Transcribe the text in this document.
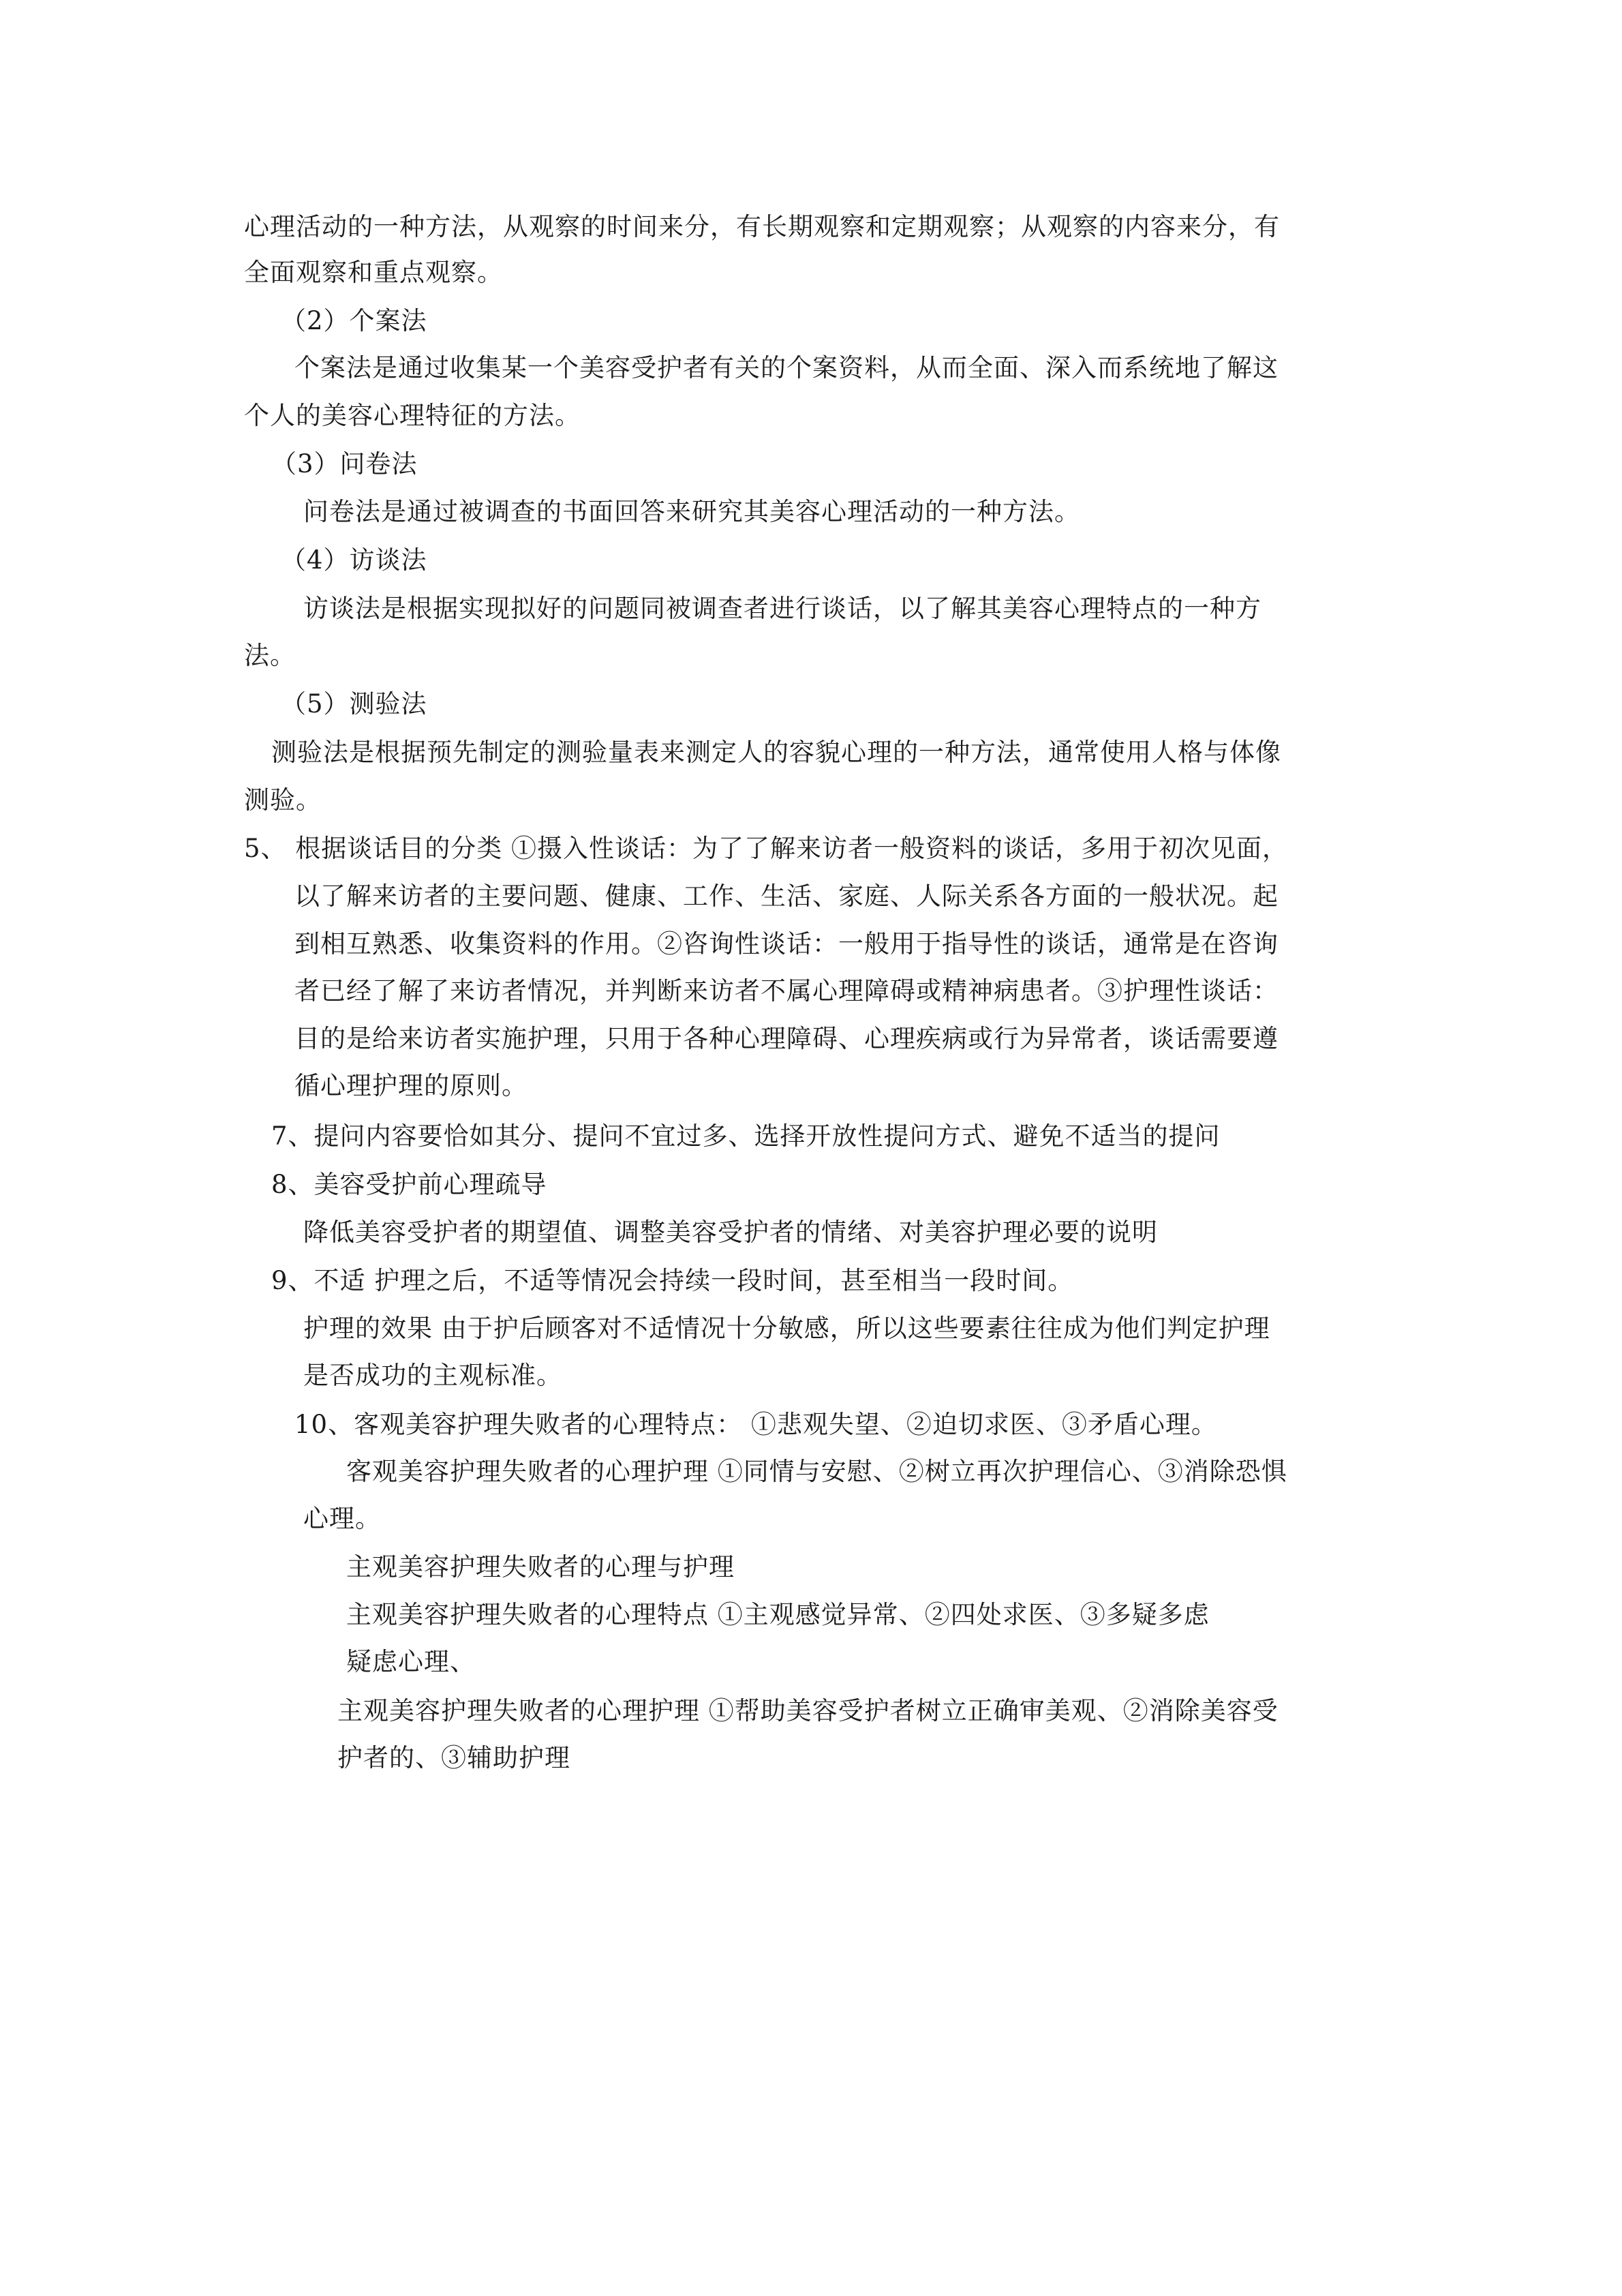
心理活动的一种方法，从观察的时间来分，有长期观察和定期观察；从观察的内容来分，有
全面观察和重点观察。
（2）个案法
个案法是通过收集某一个美容受护者有关的个案资料，从而全面、深入而系统地了解这
个人的美容心理特征的方法。
（3）问卷法
问卷法是通过被调查的书面回答来研究其美容心理活动的一种方法。
（4）访谈法
访谈法是根据实现拟好的问题同被调查者进行谈话，以了解其美容心理特点的一种方
法。
（5）测验法
测验法是根据预先制定的测验量表来测定人的容貌心理的一种方法，通常使用人格与体像
测验。
5、 根据谈话目的分类 ①摄入性谈话：为了了解来访者一般资料的谈话，多用于初次见面，
以了解来访者的主要问题、健康、工作、生活、家庭、人际关系各方面的一般状况。起
到相互熟悉、收集资料的作用。②咨询性谈话：一般用于指导性的谈话，通常是在咨询
者已经了解了来访者情况，并判断来访者不属心理障碍或精神病患者。③护理性谈话：
目的是给来访者实施护理，只用于各种心理障碍、心理疾病或行为异常者，谈话需要遵
循心理护理的原则。
7、提问内容要恰如其分、提问不宜过多、选择开放性提问方式、避免不适当的提问
8、美容受护前心理疏导
降低美容受护者的期望值、调整美容受护者的情绪、对美容护理必要的说明
9、不适 护理之后，不适等情况会持续一段时间，甚至相当一段时间。
护理的效果 由于护后顾客对不适情况十分敏感，所以这些要素往往成为他们判定护理
是否成功的主观标准。
10、客观美容护理失败者的心理特点： ①悲观失望、②迫切求医、③矛盾心理。
客观美容护理失败者的心理护理 ①同情与安慰、②树立再次护理信心、③消除恐惧
心理。
主观美容护理失败者的心理与护理
主观美容护理失败者的心理特点 ①主观感觉异常、②四处求医、③多疑多虑
疑虑心理、
主观美容护理失败者的心理护理 ①帮助美容受护者树立正确审美观、②消除美容受
护者的、③辅助护理
